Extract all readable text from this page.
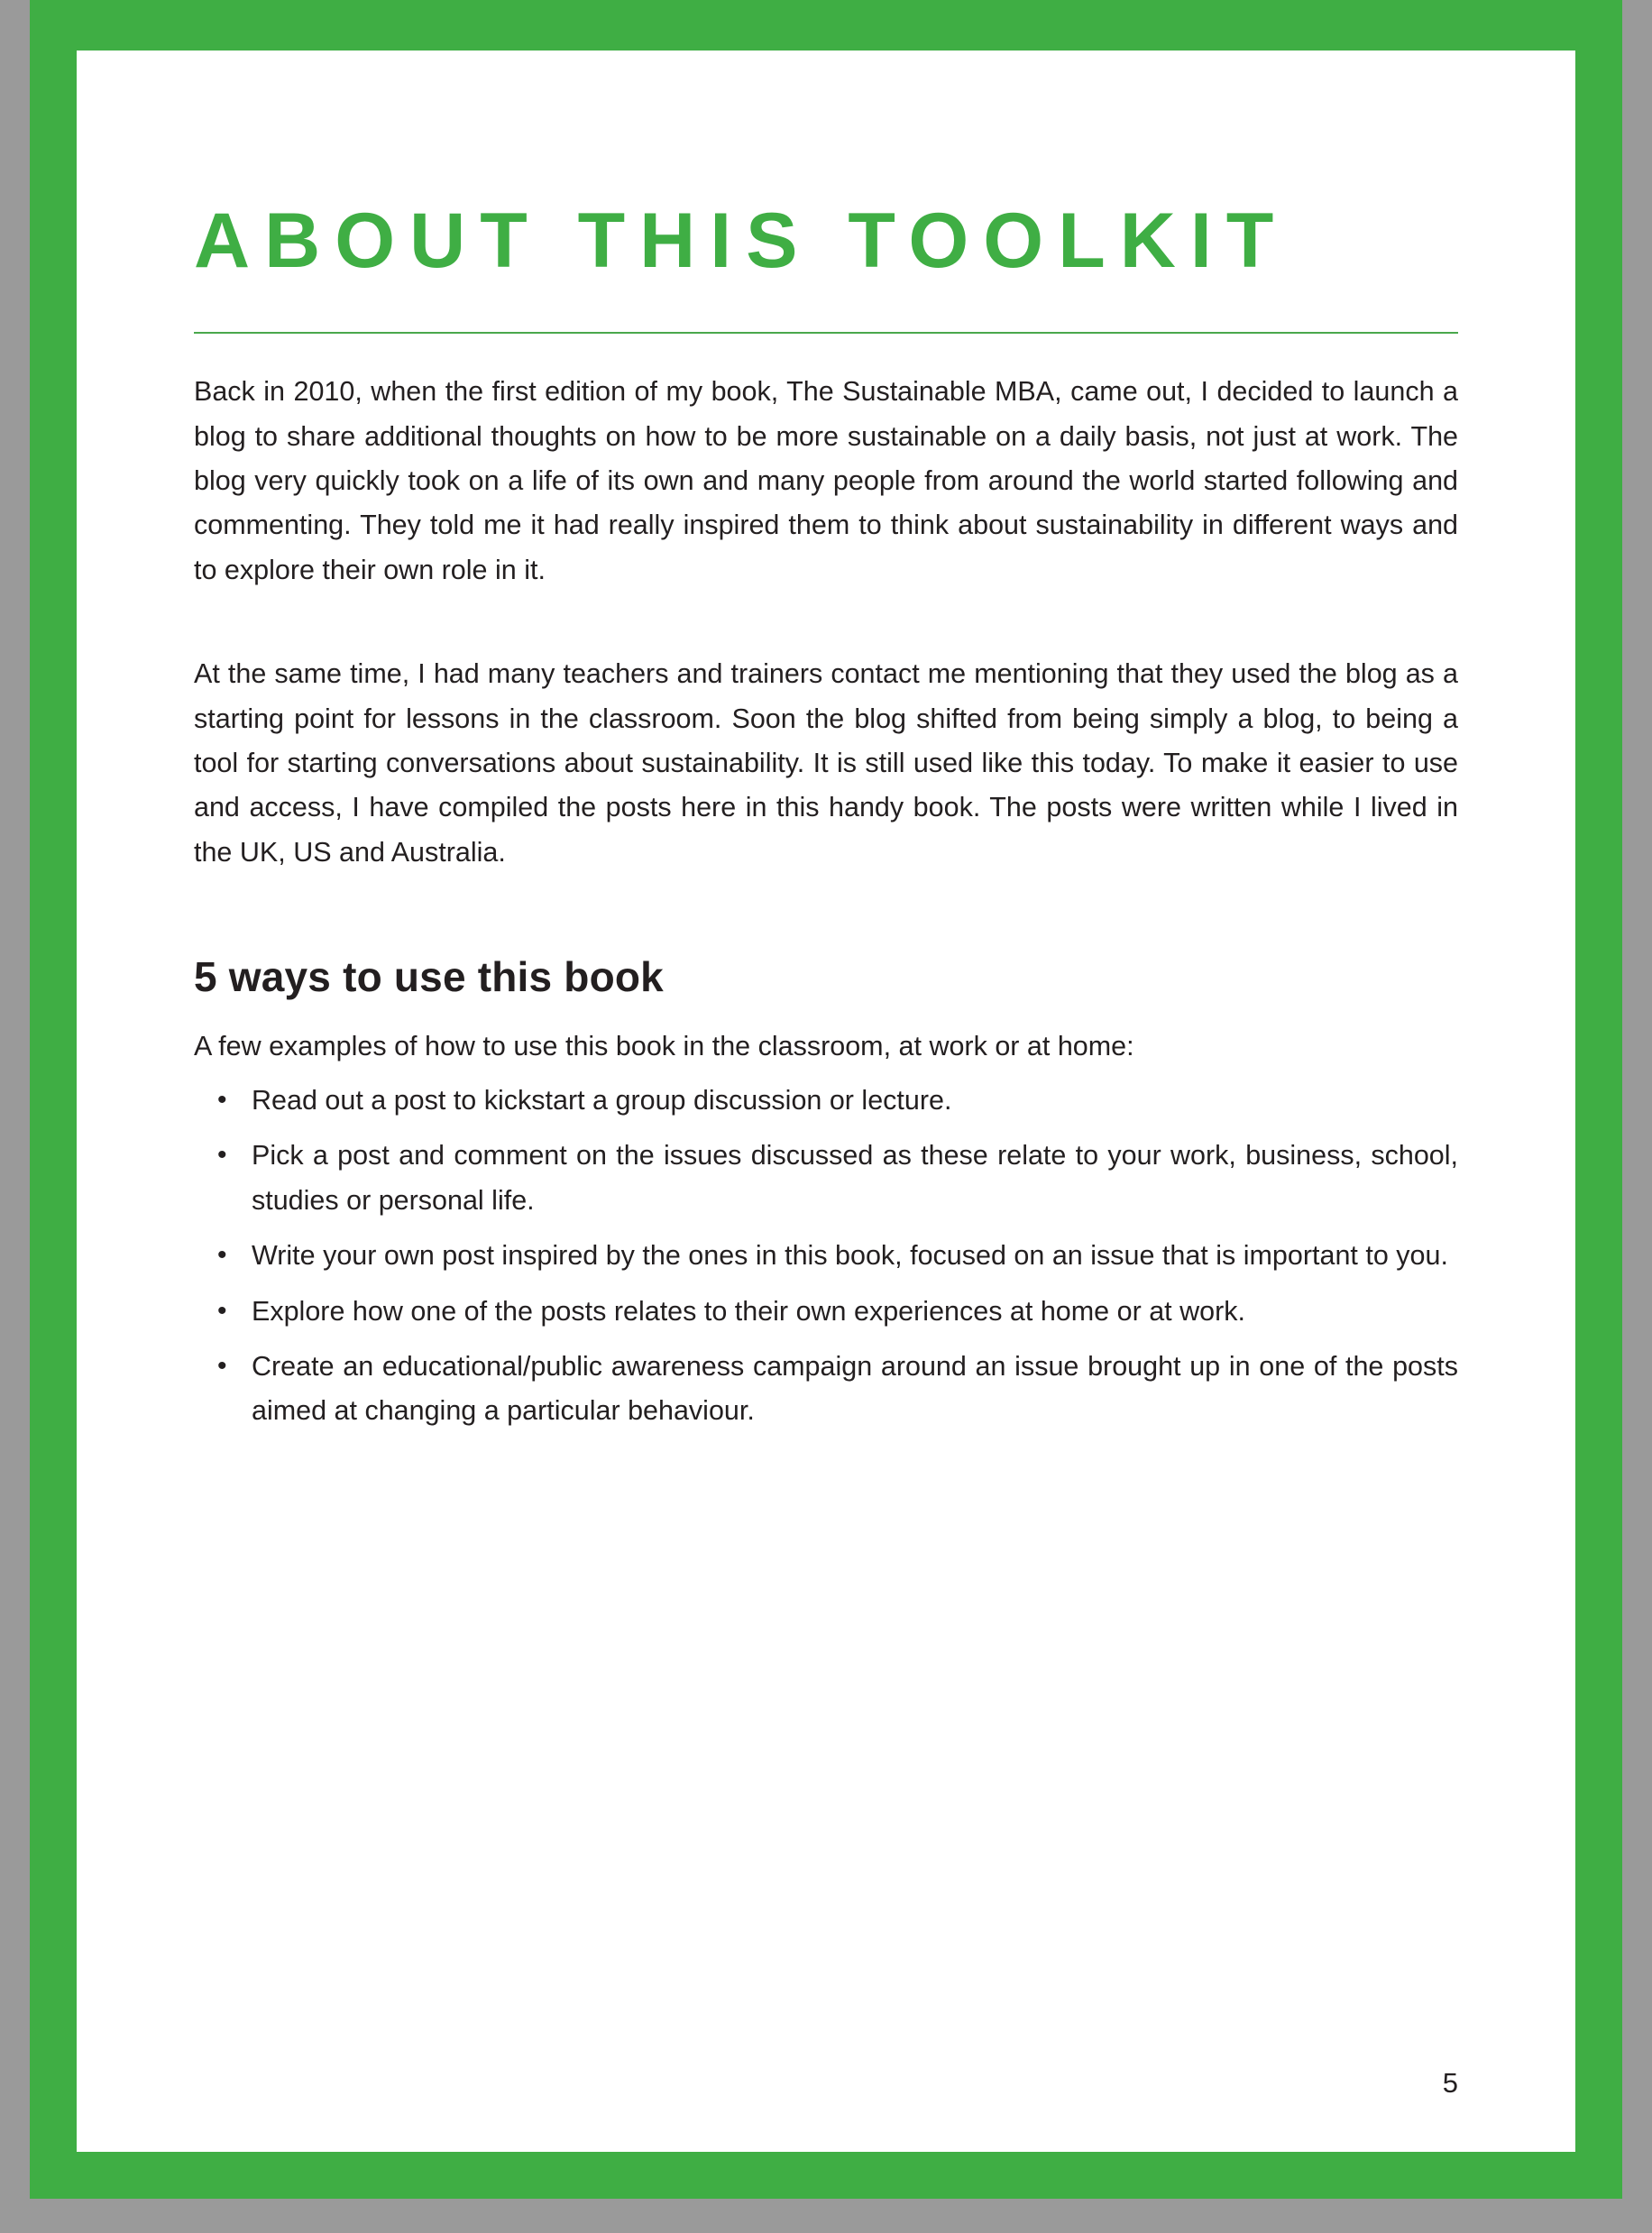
ABOUT THIS TOOLKIT

Back in 2010, when the first edition of my book, The Sustainable MBA, came out, I decided to launch a blog to share additional thoughts on how to be more sustainable on a daily basis, not just at work. The blog very quickly took on a life of its own and many people from around the world started following and commenting. They told me it had really inspired them to think about sustainability in different ways and to explore their own role in it.

At the same time, I had many teachers and trainers contact me mentioning that they used the blog as a starting point for lessons in the classroom. Soon the blog shifted from being simply a blog, to being a tool for starting conversations about sustainability. It is still used like this today. To make it easier to use and access, I have compiled the posts here in this handy book. The posts were written while I lived in the UK, US and Australia.

5 ways to use this book

A few examples of how to use this book in the classroom, at work or at home:

• Read out a post to kickstart a group discussion or lecture.
• Pick a post and comment on the issues discussed as these relate to your work, business, school, studies or personal life.
• Write your own post inspired by the ones in this book, focused on an issue that is important to you.
• Explore how one of the posts relates to their own experiences at home or at work.
• Create an educational/public awareness campaign around an issue brought up in one of the posts aimed at changing a particular behaviour.
5
